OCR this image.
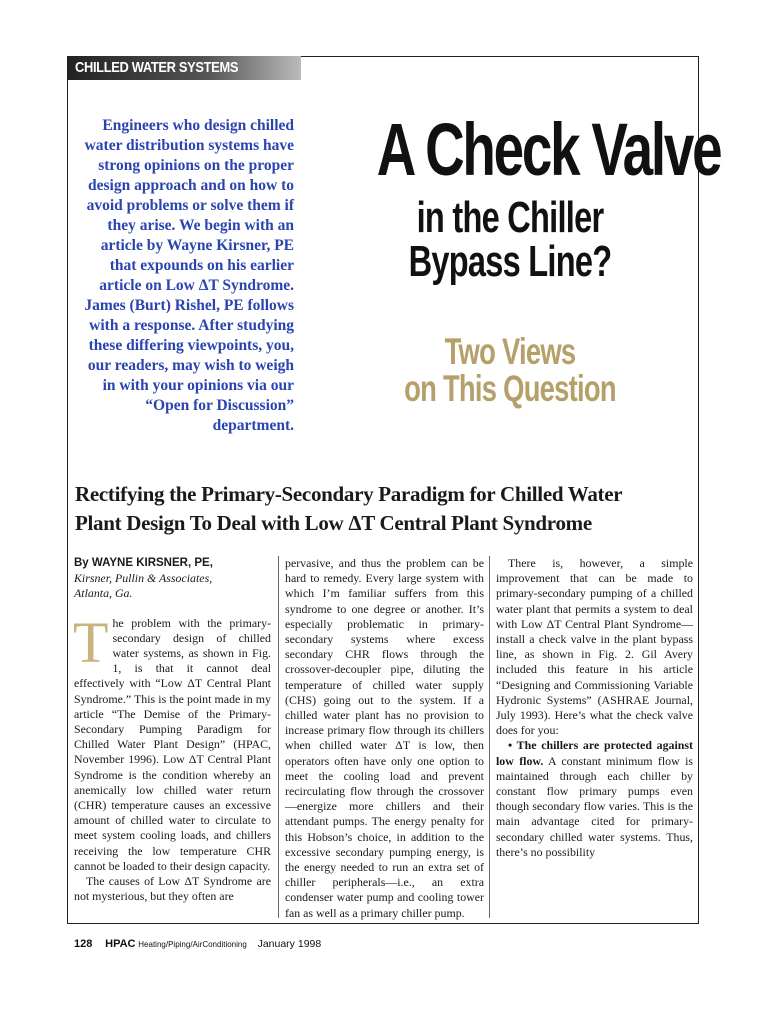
CHILLED WATER SYSTEMS
Engineers who design chilled water distribution systems have strong opinions on the proper design approach and on how to avoid problems or solve them if they arise. We begin with an article by Wayne Kirsner, PE that expounds on his earlier article on Low ΔT Syndrome. James (Burt) Rishel, PE follows with a response. After studying these differing viewpoints, you, our readers, may wish to weigh in with your opinions via our “Open for Discussion” department.
A Check Valve
in the Chiller
Bypass Line?
Two Views
on This Question
Rectifying the Primary-Secondary Paradigm for Chilled Water
Plant Design To Deal with Low ΔT Central Plant Syndrome
By WAYNE KIRSNER, PE,
Kirsner, Pullin & Associates,
Atlanta, Ga.

The problem with the primary-secondary design of chilled water systems, as shown in Fig. 1, is that it cannot deal effectively with “Low ΔT Central Plant Syndrome.” This is the point made in my article “The Demise of the Primary-Secondary Pumping Paradigm for Chilled Water Plant Design” (HPAC, November 1996). Low ΔT Central Plant Syndrome is the condition whereby an anemically low chilled water return (CHR) temperature causes an excessive amount of chilled water to circulate to meet system cooling loads, and chillers receiving the low temperature CHR cannot be loaded to their design capacity.

The causes of Low ΔT Syndrome are not mysterious, but they often are

There is, however, a simple improvement that can be made to primary-secondary pumping of a chilled water plant that permits a system to deal with Low ΔT Central Plant Syndrome—install a check valve in the plant bypass line, as shown in Fig. 2. Gil Avery included this feature in his article “Designing and Commissioning Variable Hydronic Systems” (ASHRAE Journal, July 1993). Here’s what the check valve does for you:

• The chillers are protected against low flow. A constant minimum flow is maintained through each chiller by constant flow primary pumps even though secondary flow varies. This is the main advantage cited for primary-secondary chilled water systems. Thus, there’s no possibility

128 HPAC Heating/Piping/AirConditioning January 1998

pervasive, and thus the problem can be hard to remedy. Every large system with which I’m familiar suffers from this syndrome to one degree or another. It’s especially problematic in primary-secondary systems where excess secondary CHR flows through the crossover-decoupler pipe, diluting the temperature of chilled water supply (CHS) going out to the system. If a chilled water plant has no provision to increase primary flow through its chillers when chilled water ΔT is low, then operators often have only one option to meet the cooling load and prevent recirculating flow through the crossover—energize more chillers and their attendant pumps. The energy penalty for this Hobson’s choice, in addition to the excessive secondary pumping energy, is the energy needed to run an extra set of chiller peripherals—i.e., an extra condenser water pump and cooling tower fan as well as a primary chiller pump.
